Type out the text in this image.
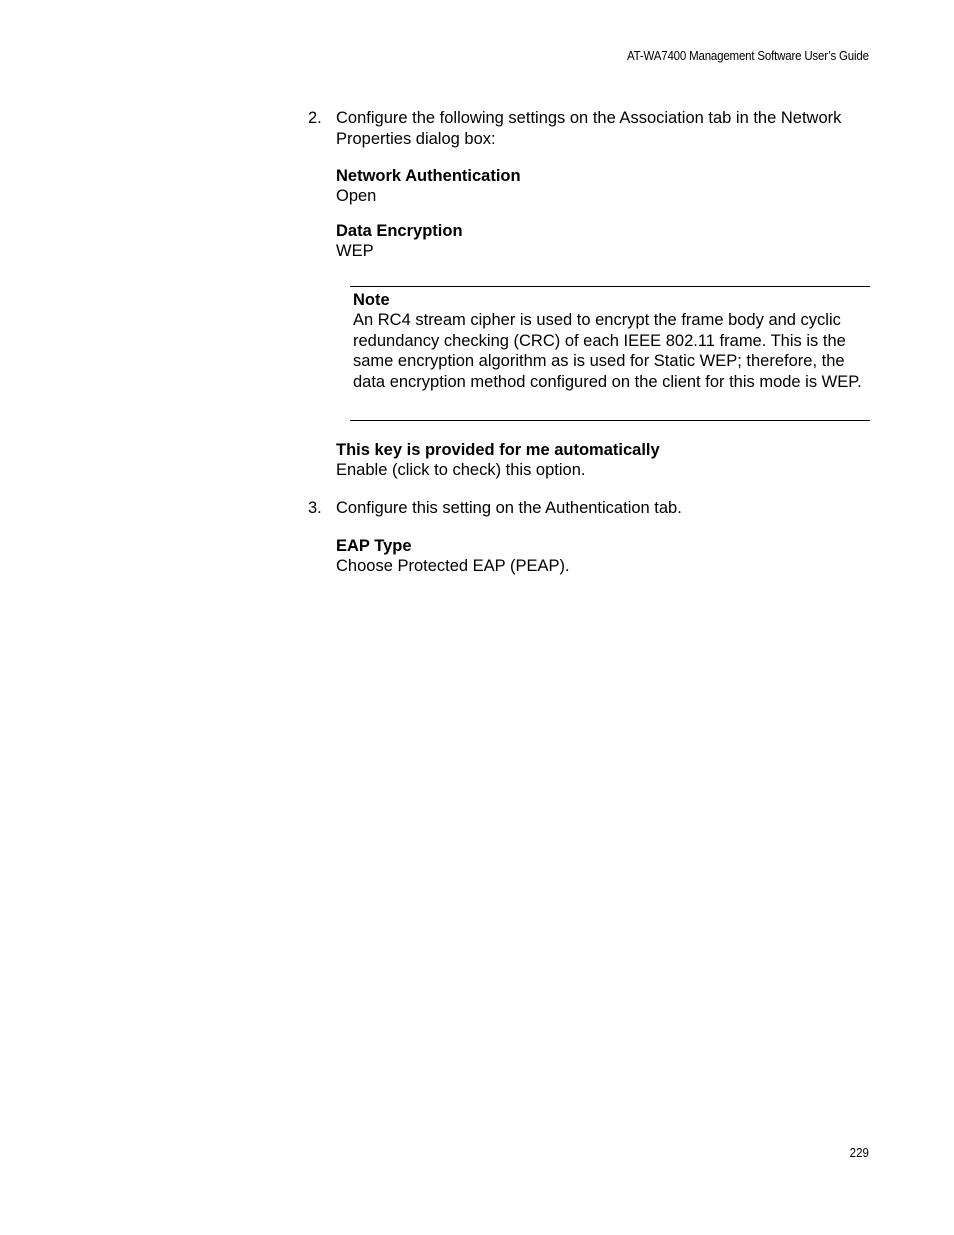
AT-WA7400 Management Software User’s Guide
2. Configure the following settings on the Association tab in the Network Properties dialog box:
Network Authentication
Open
Data Encryption
WEP
Note
An RC4 stream cipher is used to encrypt the frame body and cyclic redundancy checking (CRC) of each IEEE 802.11 frame. This is the same encryption algorithm as is used for Static WEP; therefore, the data encryption method configured on the client for this mode is WEP.
This key is provided for me automatically
Enable (click to check) this option.
3. Configure this setting on the Authentication tab.
EAP Type
Choose Protected EAP (PEAP).
229
